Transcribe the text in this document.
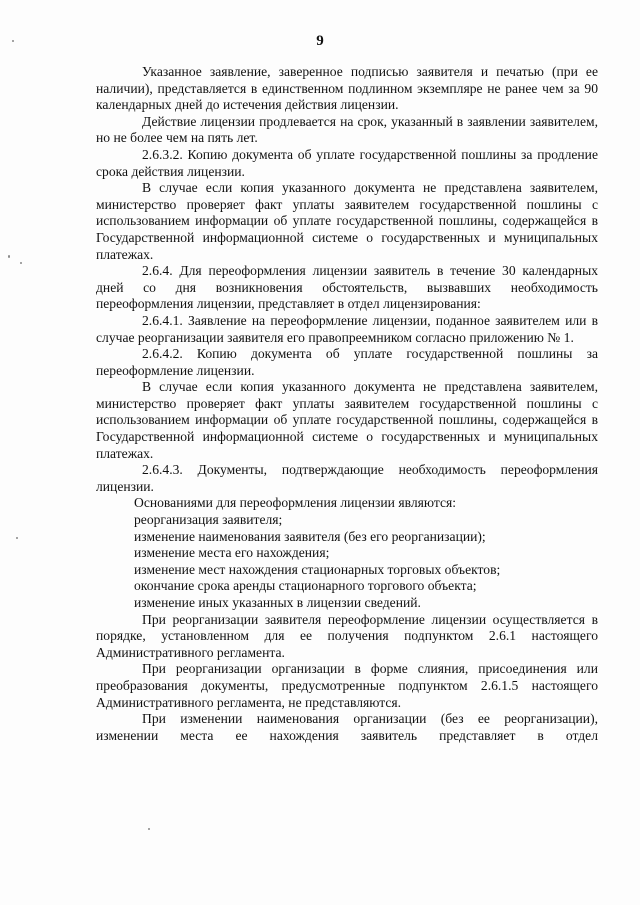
9

Указанное заявление, заверенное подписью заявителя и печатью (при ее наличии), представляется в единственном подлинном экземпляре не ранее чем за 90 календарных дней до истечения действия лицензии.

Действие лицензии продлевается на срок, указанный в заявлении заявителем, но не более чем на пять лет.

2.6.3.2. Копию документа об уплате государственной пошлины за продление срока действия лицензии.

В случае если копия указанного документа не представлена заявителем, министерство проверяет факт уплаты заявителем государственной пошлины с использованием информации об уплате государственной пошлины, содержащейся в Государственной информационной системе о государственных и муниципальных платежах.

2.6.4. Для переоформления лицензии заявитель в течение 30 календарных дней со дня возникновения обстоятельств, вызвавших необходимость переоформления лицензии, представляет в отдел лицензирования:

2.6.4.1. Заявление на переоформление лицензии, поданное заявителем или в случае реорганизации заявителя его правопреемником согласно приложению № 1.

2.6.4.2. Копию документа об уплате государственной пошлины за переоформление лицензии.

В случае если копия указанного документа не представлена заявителем, министерство проверяет факт уплаты заявителем государственной пошлины с использованием информации об уплате государственной пошлины, содержащейся в Государственной информационной системе о государственных и муниципальных платежах.

2.6.4.3. Документы, подтверждающие необходимость переоформления лицензии.

Основаниями для переоформления лицензии являются:

реорганизация заявителя;

изменение наименования заявителя (без его реорганизации);

изменение места его нахождения;

изменение мест нахождения стационарных торговых объектов;

окончание срока аренды стационарного торгового объекта;

изменение иных указанных в лицензии сведений.

При реорганизации заявителя переоформление лицензии осуществляется в порядке, установленном для ее получения подпунктом 2.6.1 настоящего Административного регламента.

При реорганизации организации в форме слияния, присоединения или преобразования документы, предусмотренные подпунктом 2.6.1.5 настоящего Административного регламента, не представляются.

При изменении наименования организации (без ее реорганизации), изменении места ее нахождения заявитель представляет в отдел
